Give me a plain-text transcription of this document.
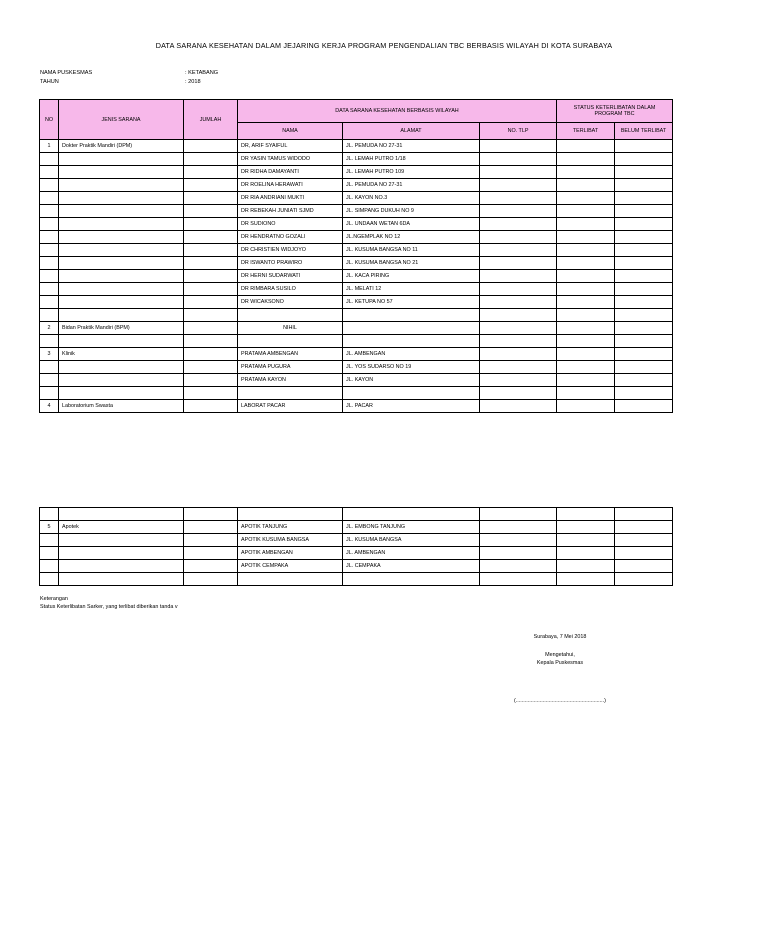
DATA SARANA KESEHATAN DALAM JEJARING KERJA PROGRAM PENGENDALIAN TBC BERBASIS WILAYAH DI KOTA SURABAYA
NAMA PUSKESMAS	: KETABANG
TAHUN	: 2018
NO	JENIS SARANA	JUMLAH	DATA SARANA KESEHATAN BERBASIS WILAYAH			STATUS KETERLIBATAN DALAM PROGRAM TBC	
			NAMA	ALAMAT	NO. TLP	TERLIBAT	BELUM TERLIBAT
1	Dokter Praktik Mandiri (DPM)		DR, ARIF SYAIFUL	JL. PEMUDA NO 27-31			
			DR YASIN TAMUS WIDODO	JL. LEMAH PUTRO 1/18			
			DR RIDHA DAMAYANTI	JL. LEMAH PUTRO 109			
			DR ROELINA HERAWATI	JL. PEMUDA NO 27-31			
			DR RIA ANDRIANI MUKTI	JL. KAYON NO.3			
			DR REBEKAH JUNIATI SJMD	JL. SIMPANG DUKUH NO 9			
			DR SUDIONO	JL. UNDAAN WETAN 6DA			
			DR HENDRATNO GOZALI	JL.NGEMPLAK NO 12			
			DR CHRISTIEN WIDJOYO	JL. KUSUMA BANGSA NO 11			
			DR ISWANTO PRAWIRO	JL. KUSUMA BANGSA NO 21			
			DR HERNI SUDARWATI	JL. KACA PIRING			
			DR RIMBARA SUSILO	JL. MELATI 12			
			DR WICAKSONO	JL. KETUPA NO 57			

2	Bidan Praktik Mandiri (BPM)		NIHIL				

3	Klinik		PRATAMA AMBENGAN	JL. AMBENGAN			
			PRATAMA PUGURA	JL. YOS SUDARSO NO 19			
			PRATAMA KAYON	JL. KAYON			

4	Laboratorium Swasta		LABORAT PACAR	JL. PACAR			

5	Apotek		APOTIK TANJUNG	JL. EMBONG TANJUNG			
			APOTIK KUSUMA BANGSA	JL. KUSUMA BANGSA			
			APOTIK AMBENGAN	JL. AMBENGAN			
			APOTIK CEMPAKA	JL. CEMPAKA			

Keterangan
Status Keterlibatan Sarker, yang terlibat diberikan tanda v
Surabaya, 7 Mei 2018
Mengetahui,
Kepala Puskesmas
(...........................................................)
